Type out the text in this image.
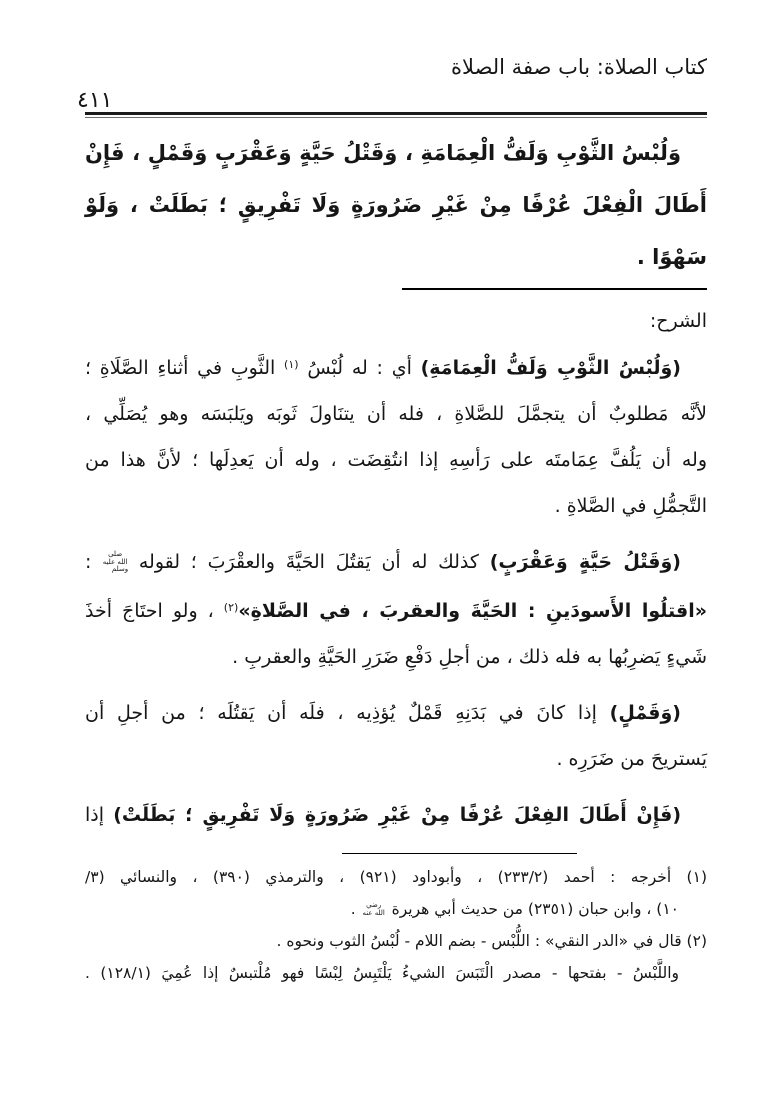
كتاب الصلاة: باب صفة الصلاة
٤١١
وَلُبْسُ الثَّوْبِ وَلَفُّ الْعِمَامَةِ ، وَقَتْلُ حَيَّةٍ وَعَقْرَبٍ وَقَمْلٍ ، فَإِنْ
أَطَالَ الْفِعْلَ عُرْفًا مِنْ غَيْرِ ضَرُورَةٍ وَلَا تَفْرِيقٍ ؛ بَطَلَتْ ، وَلَوْ
سَهْوًا .
الشرح:
(وَلُبْسُ الثَّوْبِ وَلَفُّ الْعِمَامَةِ) أي : له لُبْسُ $^{(١)}$ الثَّوبِ في أثناءِ الصَّلَاةِ ؛
لأنَّه مَطلوبٌ أن يتجمَّلَ للصَّلاةِ ، فله أن يتنَاولَ ثَوبَه ويَلبَسَه وهو يُصَلِّي ،
وله أن يَلُفَّ عِمَامتَه على رَأسِهِ إذا انتُقِضَت ، وله أن يَعدِلَها ؛ لأنَّ هذا من
التَّجمُّلِ في الصَّلاةِ .
(وَقَتْلُ حَيَّةٍ وَعَقْرَبٍ) كذلك له أن يَقتُلَ الحَيَّةَ والعقْرَبَ ؛ لقوله صلى الله عليه وسلم :
«اقتلُوا الأَسودَينِ : الحَيَّةَ والعقربَ ، في الصَّلاةِ»$^{(٢)}$ ، ولو احتَاجَ أخذَ
شَيءٍ يَضرِبُها به فله ذلك ، من أجلِ دَفْعِ ضَرَرِ الحَيَّةِ والعقربِ .
(وَقَمْلٍ) إذا كانَ في بَدَنِهِ قَمْلٌ يُؤذِيه ، فلَه أن يَقتُلَه ؛ من أجلِ أن
يَستريحَ من ضَرَرِه .
(فَإِنْ أَطَالَ الفِعْلَ عُرْفًا مِنْ غَيْرِ ضَرُورَةٍ وَلَا تَفْرِيقٍ ؛ بَطَلَتْ) إذا
(١) أخرجه : أحمد (٢٣٣/٢) ، وأبوداود (٩٢١) ، والترمذي (٣٩٠) ، والنسائي (٣/
١٠) ، وابن حبان (٢٣٥١) من حديث أبي هريرة رضي الله عنه .
(٢) قال في «الدر النقي» : اللُّبْس - بضم اللام - لُبْسُ الثوب ونحوه .
واللَّبْسُ - بفتحها - مصدر الْتَبَسَ الشيءُ يَلْتَبِسُ لِبْسًا فهو مُلْتبسٌ إذا عُمِيَ (١٢٨/١) .
